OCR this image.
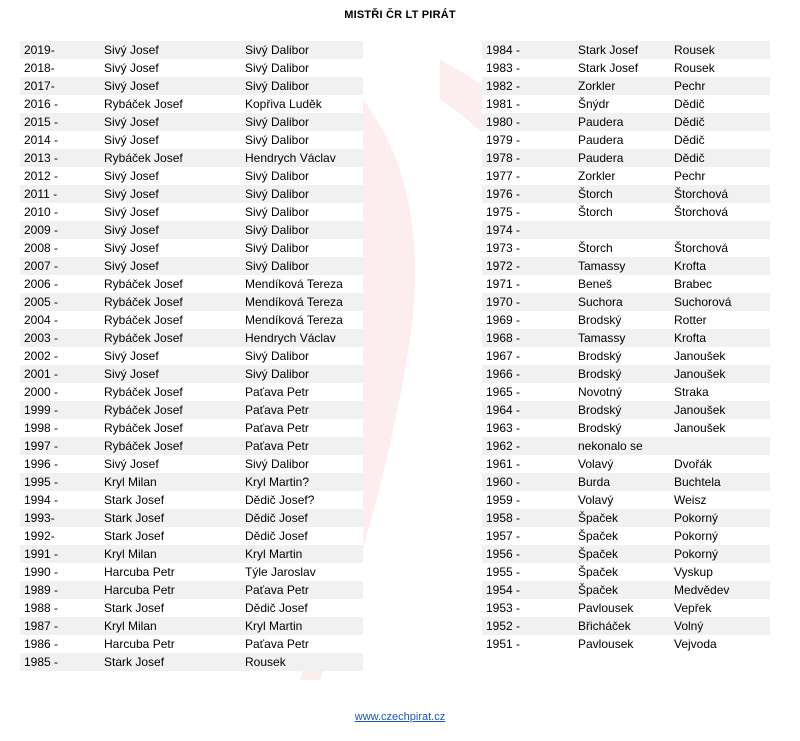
MISTŘI ČR LT PIRÁT
2019-	Sivý Josef	Sivý Dalibor
2018-	Sivý Josef	Sivý Dalibor
2017-	Sivý Josef	Sivý Dalibor
2016 -	Rybáček Josef	Kopřiva Luděk
2015 -	Sivý Josef	Sivý Dalibor
2014 -	Sivý Josef	Sivý Dalibor
2013 -	Rybáček Josef	Hendrych Václav
2012 -	Sivý Josef	Sivý Dalibor
2011 -	Sivý Josef	Sivý Dalibor
2010 -	Sivý Josef	Sivý Dalibor
2009 -	Sivý Josef	Sivý Dalibor
2008 -	Sivý Josef	Sivý Dalibor
2007 -	Sivý Josef	Sivý Dalibor
2006 -	Rybáček Josef	Mendíková Tereza
2005 -	Rybáček Josef	Mendíková Tereza
2004 -	Rybáček Josef	Mendíková Tereza
2003 -	Rybáček Josef	Hendrych Václav
2002 -	Sivý Josef	Sivý Dalibor
2001 -	Sivý Josef	Sivý Dalibor
2000 -	Rybáček Josef	Paťava Petr
1999 -	Rybáček Josef	Paťava Petr
1998 -	Rybáček Josef	Paťava Petr
1997 -	Rybáček Josef	Paťava Petr
1996 -	Sivý Josef	Sivý Dalibor
1995 -	Kryl Milan	Kryl Martin?
1994 -	Stark Josef	Dědič Josef?
1993-	Stark Josef	Dědič Josef
1992-	Stark Josef	Dědič Josef
1991 -	Kryl Milan	Kryl Martin
1990 -	Harcuba Petr	Týle Jaroslav
1989 -	Harcuba Petr	Paťava Petr
1988 -	Stark Josef	Dědič Josef
1987 -	Kryl Milan	Kryl Martin
1986 -	Harcuba Petr	Paťava Petr
1985 -	Stark Josef	Rousek
1984 -	Stark Josef	Rousek
1983 -	Stark Josef	Rousek
1982 -	Zorkler	Pechr
1981 -	Šnýdr	Dědič
1980 -	Paudera	Dědič
1979 -	Paudera	Dědič
1978 -	Paudera	Dědič
1977 -	Zorkler	Pechr
1976 -	Štorch	Štorchová
1975 -	Štorch	Štorchová
1974 -		
1973 -	Štorch	Štorchová
1972 -	Tamassy	Krofta
1971 -	Beneš	Brabec
1970 -	Suchora	Suchorová
1969 -	Brodský	Rotter
1968 -	Tamassy	Krofta
1967 -	Brodský	Janoušek
1966 -	Brodský	Janoušek
1965 -	Novotný	Straka
1964 -	Brodský	Janoušek
1963 -	Brodský	Janoušek
1962 -	nekonalo se	
1961 -	Volavý	Dvořák
1960 -	Burda	Buchtela
1959 -	Volavý	Weisz
1958 -	Špaček	Pokorný
1957 -	Špaček	Pokorný
1956 -	Špaček	Pokorný
1955 -	Špaček	Vyskup
1954 -	Špaček	Medvědev
1953 -	Pavlousek	Vepřek
1952 -	Břicháček	Volný
1951 -	Pavlousek	Vejvoda
www.czechpirat.cz
